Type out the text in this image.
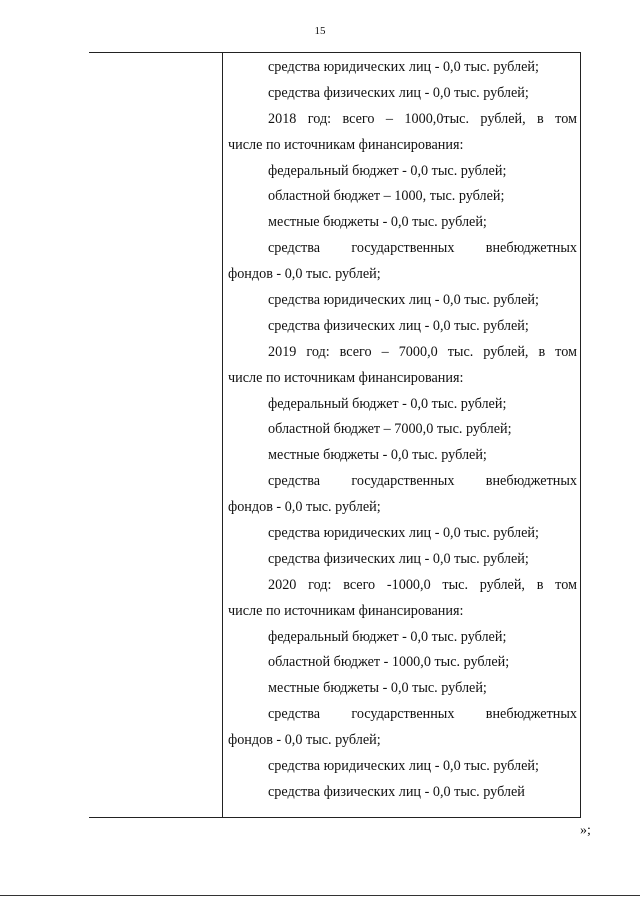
15
средства юридических лиц - 0,0 тыс. рублей;
средства физических лиц - 0,0 тыс. рублей;
2018 год: всего – 1000,0тыс. рублей, в том
числе по источникам финансирования:
федеральный бюджет - 0,0 тыс. рублей;
областной бюджет – 1000, тыс. рублей;
местные бюджеты - 0,0 тыс. рублей;
средства государственных внебюджетных
фондов - 0,0 тыс. рублей;
средства юридических лиц - 0,0 тыс. рублей;
средства физических лиц - 0,0 тыс. рублей;
2019 год: всего – 7000,0 тыс. рублей, в том
числе по источникам финансирования:
федеральный бюджет - 0,0 тыс. рублей;
областной бюджет – 7000,0 тыс. рублей;
местные бюджеты - 0,0 тыс. рублей;
средства государственных внебюджетных
фондов - 0,0 тыс. рублей;
средства юридических лиц - 0,0 тыс. рублей;
средства физических лиц - 0,0 тыс. рублей;
2020 год: всего -1000,0 тыс. рублей, в том
числе по источникам финансирования:
федеральный бюджет - 0,0 тыс. рублей;
областной бюджет - 1000,0 тыс. рублей;
местные бюджеты - 0,0 тыс. рублей;
средства государственных внебюджетных
фондов - 0,0 тыс. рублей;
средства юридических лиц - 0,0 тыс. рублей;
средства физических лиц - 0,0 тыс. рублей
»;
